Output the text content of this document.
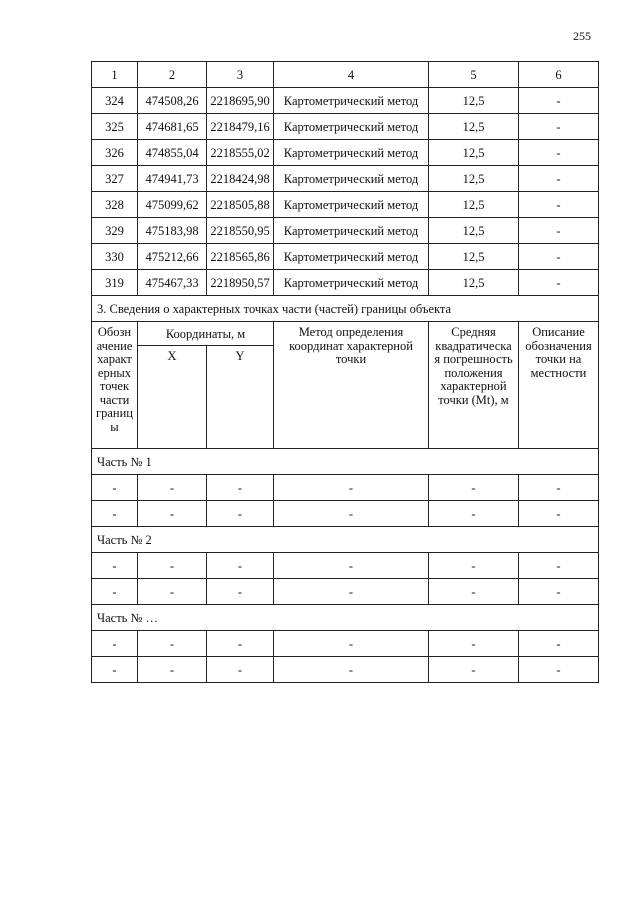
255
1	2	3	4	5	6
324	474508,26	2218695,90	Картометрический метод	12,5	-
325	474681,65	2218479,16	Картометрический метод	12,5	-
326	474855,04	2218555,02	Картометрический метод	12,5	-
327	474941,73	2218424,98	Картометрический метод	12,5	-
328	475099,62	2218505,88	Картометрический метод	12,5	-
329	475183,98	2218550,95	Картометрический метод	12,5	-
330	475212,66	2218565,86	Картометрический метод	12,5	-
319	475467,33	2218950,57	Картометрический метод	12,5	-
3. Сведения о характерных точках части (частей) границы объекта					
Обозн ачение характ ерных точек части границ ы	Координаты, м		Метод определения координат характерной точки	Средняя квадратическа я погрешность положения характерной точки (Mt), м	Описание обозначения точки на местности
	X	Y			
Часть № 1					
-	-	-	-	-	-
-	-	-	-	-	-
Часть № 2					
-	-	-	-	-	-
-	-	-	-	-	-
Часть № …					
-	-	-	-	-	-
-	-	-	-	-	-
